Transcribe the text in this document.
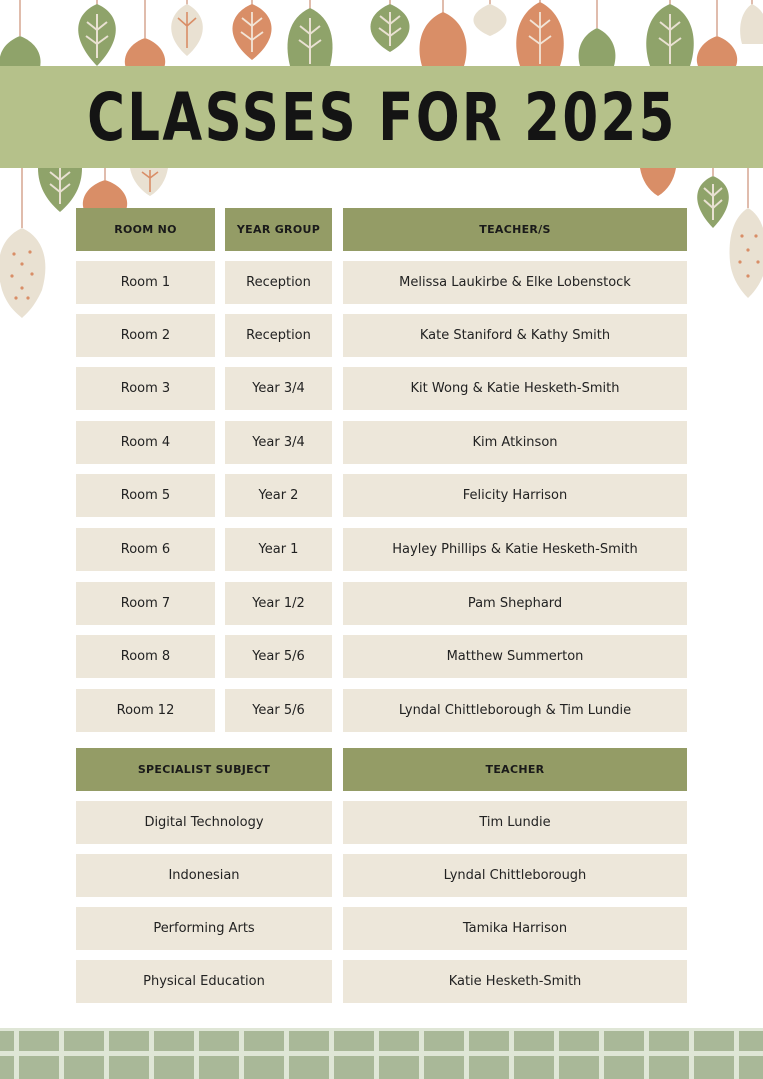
CLASSES FOR 2025
ROOM NO	YEAR GROUP	TEACHER/S
Room 1	Reception	Melissa Laukirbe & Elke Lobenstock
Room 2	Reception	Kate Staniford & Kathy Smith
Room 3	Year 3/4	Kit Wong & Katie Hesketh-Smith
Room 4	Year 3/4	Kim Atkinson
Room 5	Year 2	Felicity Harrison
Room 6	Year 1	Hayley Phillips & Katie Hesketh-Smith
Room 7	Year 1/2	Pam Shephard
Room 8	Year 5/6	Matthew Summerton
Room 12	Year 5/6	Lyndal Chittleborough & Tim Lundie
SPECIALIST SUBJECT	TEACHER
Digital Technology	Tim Lundie
Indonesian	Lyndal Chittleborough
Performing Arts	Tamika Harrison
Physical Education	Katie Hesketh-Smith
